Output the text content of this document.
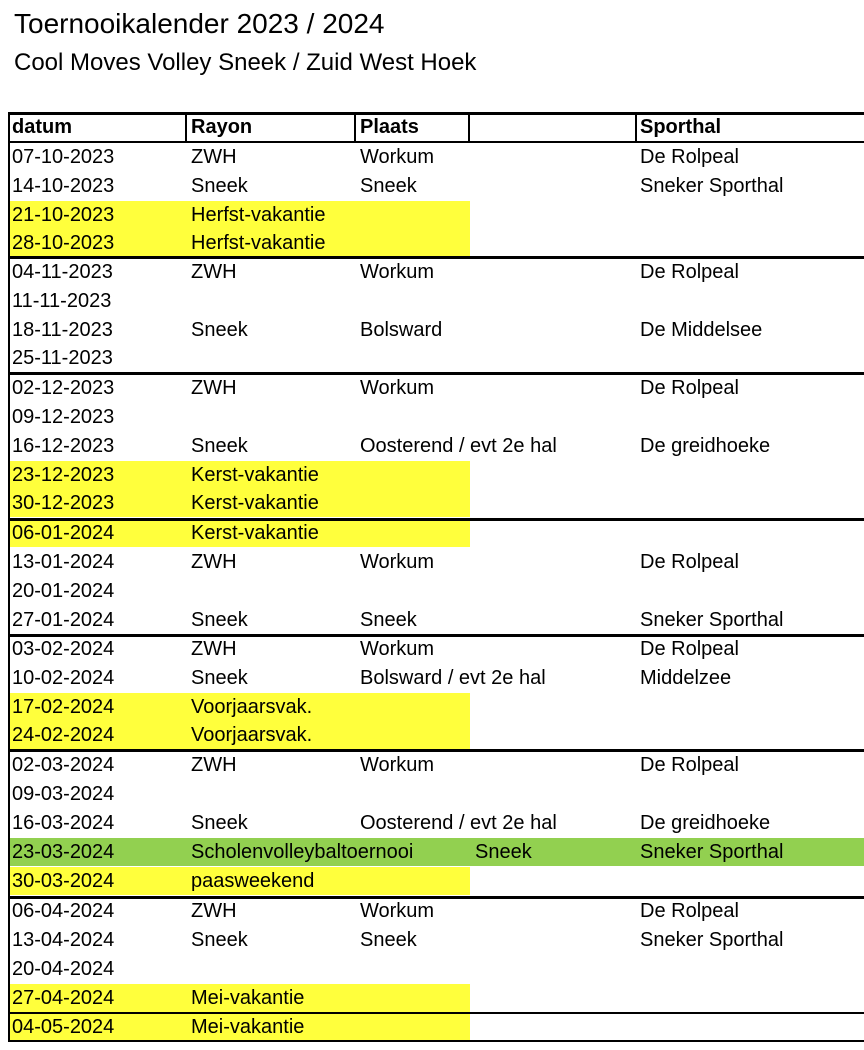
Toernooikalender 2023 / 2024
Cool Moves Volley Sneek / Zuid West Hoek
datum	Rayon	Plaats	Sporthal
07-10-2023	ZWH	Workum	De Rolpeal
14-10-2023	Sneek	Sneek	Sneker Sporthal
21-10-2023	Herfst-vakantie
28-10-2023	Herfst-vakantie
04-11-2023	ZWH	Workum	De Rolpeal
11-11-2023
18-11-2023	Sneek	Bolsward	De Middelsee
25-11-2023
02-12-2023	ZWH	Workum	De Rolpeal
09-12-2023
16-12-2023	Sneek	Oosterend / evt 2e hal	De greidhoeke
23-12-2023	Kerst-vakantie
30-12-2023	Kerst-vakantie
06-01-2024	Kerst-vakantie
13-01-2024	ZWH	Workum	De Rolpeal
20-01-2024
27-01-2024	Sneek	Sneek	Sneker Sporthal
03-02-2024	ZWH	Workum	De Rolpeal
10-02-2024	Sneek	Bolsward / evt 2e hal	Middelzee
17-02-2024	Voorjaarsvak.
24-02-2024	Voorjaarsvak.
02-03-2024	ZWH	Workum	De Rolpeal
09-03-2024
16-03-2024	Sneek	Oosterend / evt 2e hal	De greidhoeke
23-03-2024	Scholenvolleybaltoernooi	Sneek	Sneker Sporthal
30-03-2024	paasweekend
06-04-2024	ZWH	Workum	De Rolpeal
13-04-2024	Sneek	Sneek	Sneker Sporthal
20-04-2024
27-04-2024	Mei-vakantie
04-05-2024	Mei-vakantie
